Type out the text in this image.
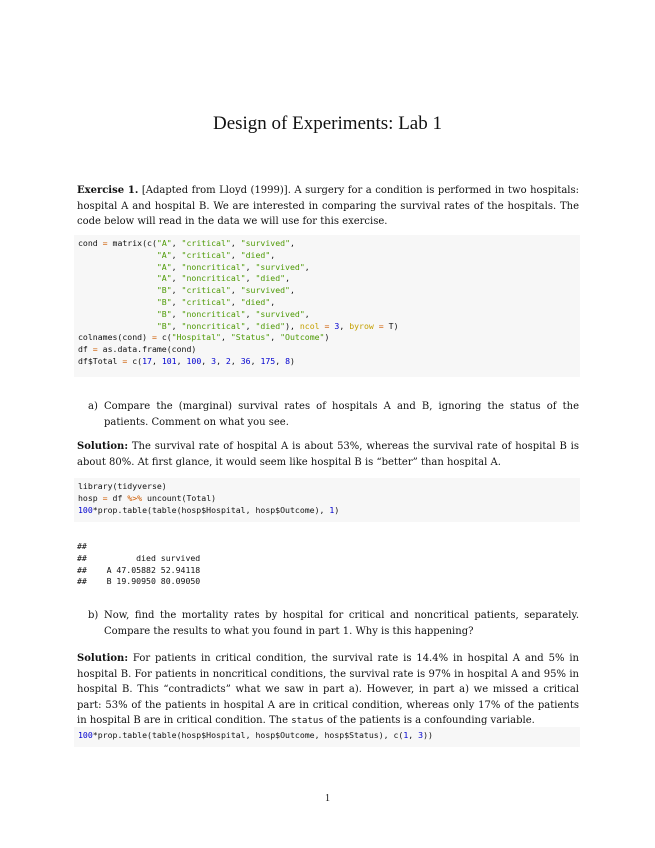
Design of Experiments: Lab 1

Exercise 1. [Adapted from Lloyd (1999)]. A surgery for a condition is performed in two hospitals: hospital A and hospital B. We are interested in comparing the survival rates of the hospitals. The code below will read in the data we will use for this exercise.

cond = matrix(c("A", "critical", "survived",
"A", "critical", "died",
"A", "noncritical", "survived",
"A", "noncritical", "died",
"B", "critical", "survived",
"B", "critical", "died",
"B", "noncritical", "survived",
"B", "noncritical", "died"), ncol = 3, byrow = T)
colnames(cond) = c("Hospital", "Status", "Outcome")
df = as.data.frame(cond)
df$Total = c(17, 101, 100, 3, 2, 36, 175, 8)
a) Compare the (marginal) survival rates of hospitals A and B, ignoring the status of the patients. Comment on what you see.

Solution: The survival rate of hospital A is about 53%, whereas the survival rate of hospital B is about 80%. At first glance, it would seem like hospital B is “better” than hospital A.

library(tidyverse)
hosp = df %>% uncount(Total)
100*prop.table(table(hosp$Hospital, hosp$Outcome), 1)
##
##          died survived
##    A 47.05882 52.94118
##    B 19.90950 80.09050
b) Now, find the mortality rates by hospital for critical and noncritical patients, separately. Compare the results to what you found in part 1. Why is this happening?

Solution: For patients in critical condition, the survival rate is 14.4% in hospital A and 5% in hospital B. For patients in noncritical conditions, the survival rate is 97% in hospital A and 95% in hospital B. This “contradicts” what we saw in part a). However, in part a) we missed a critical part: 53% of the patients in hospital A are in critical condition, whereas only 17% of the patients in hospital B are in critical condition. The status of the patients is a confounding variable.

100*prop.table(table(hosp$Hospital, hosp$Outcome, hosp$Status), c(1, 3))
1
